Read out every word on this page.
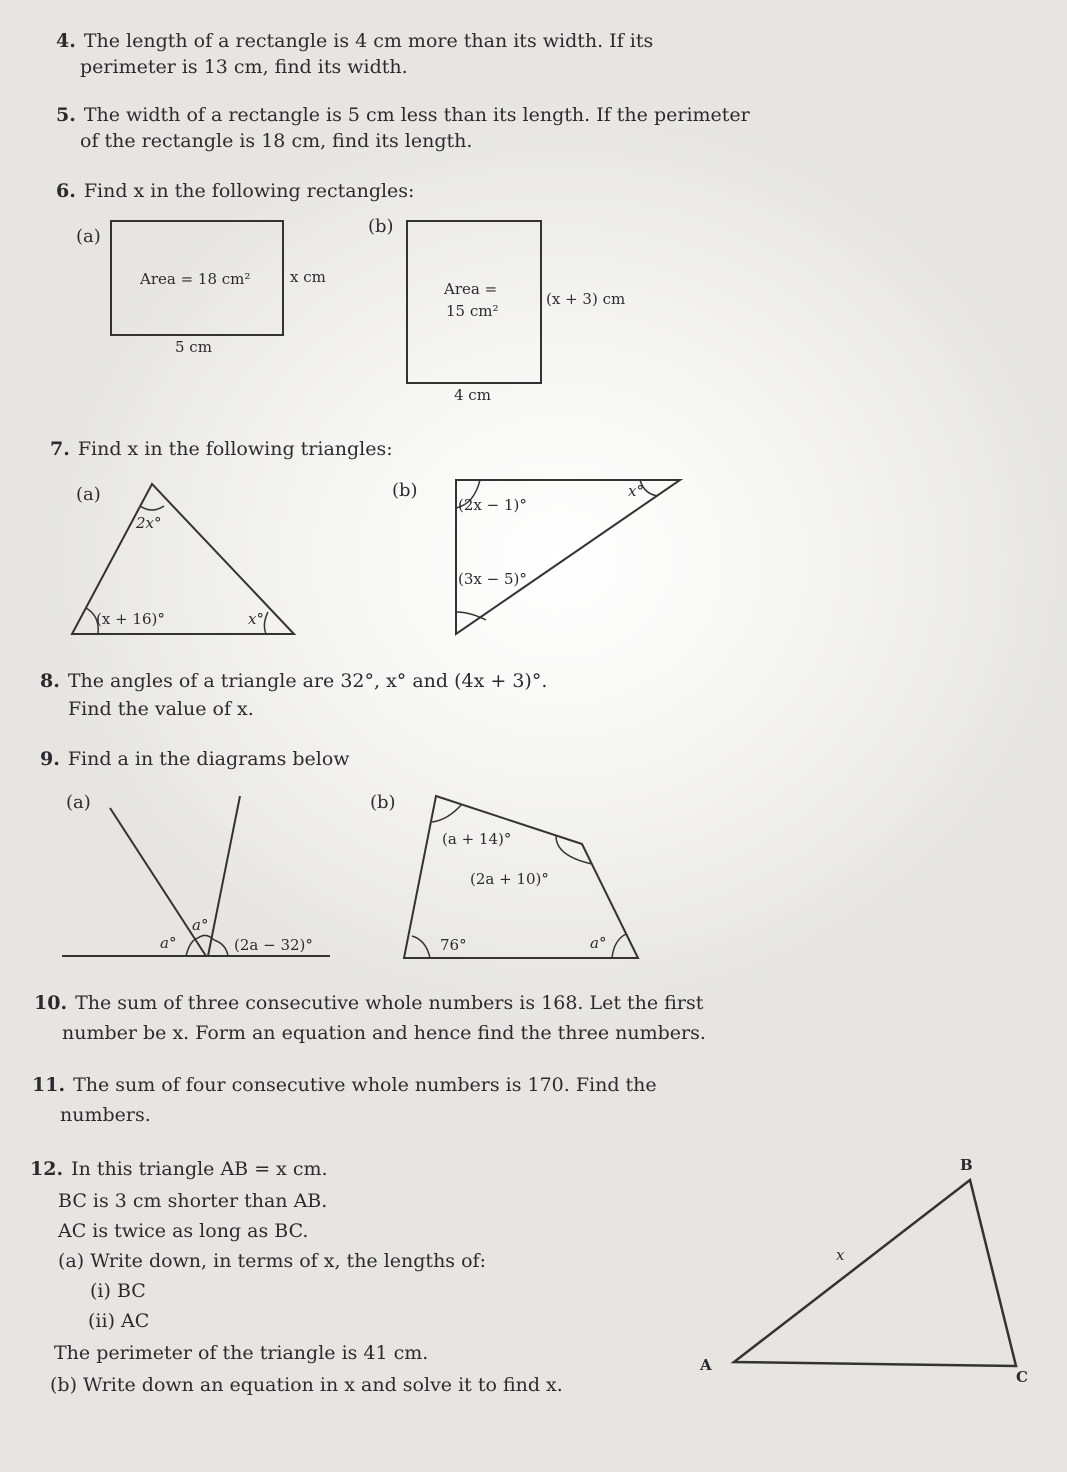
4. The length of a rectangle is 4 cm more than its width. If its
perimeter is 13 cm, find its width.
5. The width of a rectangle is 5 cm less than its length. If the perimeter
of the rectangle is 18 cm, find its length.
6. Find x in the following rectangles:
(a)
Area = 18 cm²	x cm
5 cm
(b)
Area =
15 cm²
(x + 3) cm
4 cm
7. Find x in the following triangles:
(a)
2x°
(x + 16)°	x°
(b)
(2x − 1)°
x°
(3x − 5)°
8. The angles of a triangle are 32°, x° and (4x + 3)°.
Find the value of x.
9. Find a in the diagrams below
(a)
a°
a°
(2a − 32)°
(b)
(a + 14)°
(2a + 10)°
76°	a°
10. The sum of three consecutive whole numbers is 168. Let the first
number be x. Form an equation and hence find the three numbers.
11. The sum of four consecutive whole numbers is 170. Find the
numbers.
12. In this triangle AB = x cm.
BC is 3 cm shorter than AB.
AC is twice as long as BC.
(a) Write down, in terms of x, the lengths of:
(i) BC
(ii) AC
The perimeter of the triangle is 41 cm.
(b) Write down an equation in x and solve it to find x.
B
A
C
x
